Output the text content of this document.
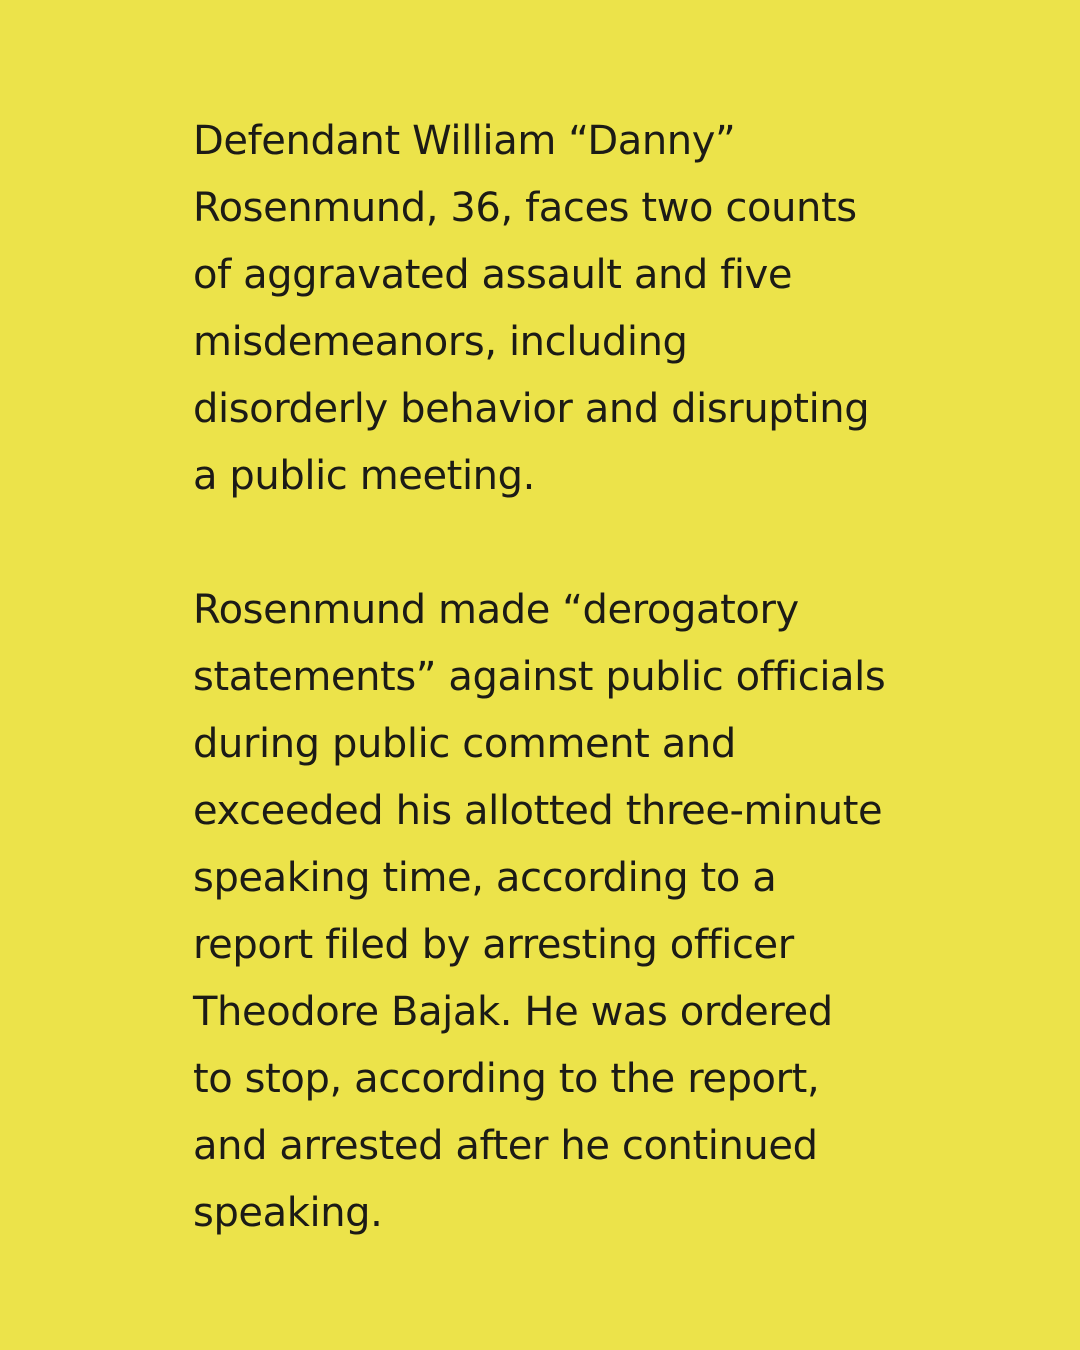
Defendant William “Danny”
Rosenmund, 36, faces two counts
of aggravated assault and five
misdemeanors, including
disorderly behavior and disrupting
a public meeting.

Rosenmund made “derogatory
statements” against public officials
during public comment and
exceeded his allotted three-minute
speaking time, according to a
report filed by arresting officer
Theodore Bajak. He was ordered
to stop, according to the report,
and arrested after he continued
speaking.
